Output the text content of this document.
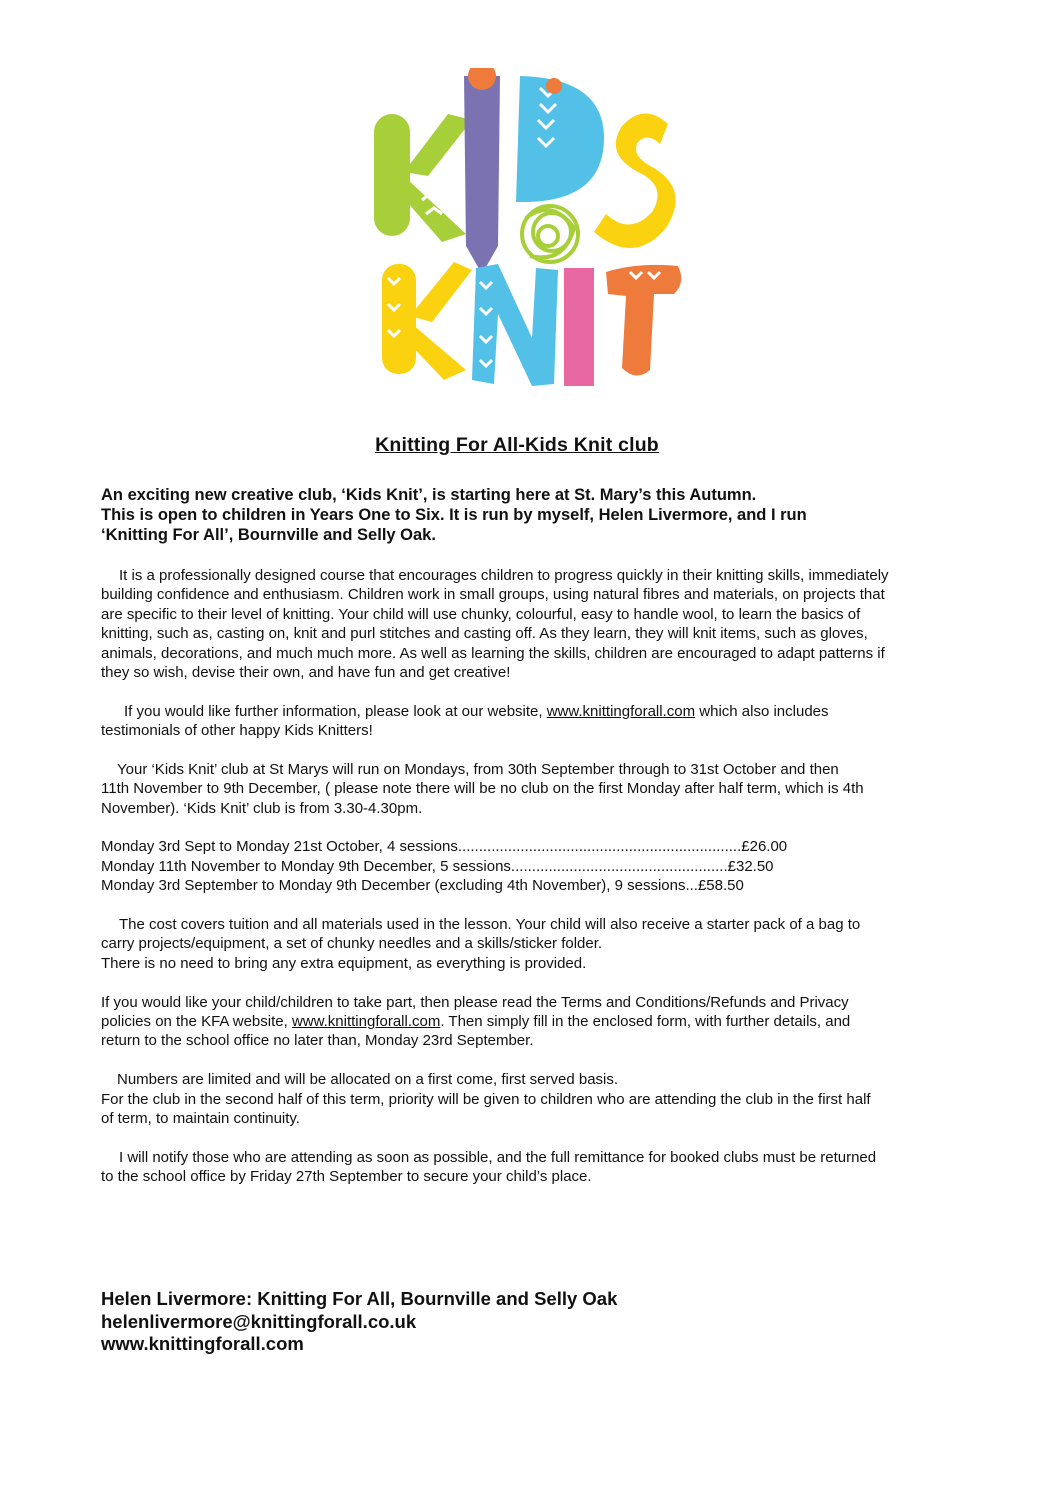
Knitting For All-Kids Knit club
An exciting new creative club, ‘Kids Knit’, is starting here at St. Mary’s this Autumn.
This is open to children in Years One to Six. It is run by myself, Helen Livermore, and I run
‘Knitting For All’, Bournville and Selly Oak.
It is a professionally designed course that encourages children to progress quickly in their knitting skills, immediately
building confidence and enthusiasm. Children work in small groups, using natural fibres and materials, on projects that
are specific to their level of knitting. Your child will use chunky, colourful, easy to handle wool, to learn the basics of
knitting, such as, casting on, knit and purl stitches and casting off. As they learn, they will knit items, such as gloves,
animals, decorations, and much much more. As well as learning the skills, children are encouraged to adapt patterns if
they so wish, devise their own, and have fun and get creative!
If you would like further information, please look at our website, www.knittingforall.com which also includes
testimonials of other happy Kids Knitters!
Your ‘Kids Knit’ club at St Marys will run on Mondays, from 30th September through to 31st October and then
11th November to 9th December, ( please note there will be no club on the first Monday after half term, which is 4th
November). ‘Kids Knit’ club is from 3.30-4.30pm.
Monday 3rd Sept to Monday 21st October, 4 sessions....................................................................£26.00
Monday 11th November to Monday 9th December, 5 sessions....................................................£32.50
Monday 3rd September to Monday 9th December (excluding 4th November), 9 sessions...£58.50
The cost covers tuition and all materials used in the lesson. Your child will also receive a starter pack of a bag to
carry projects/equipment, a set of chunky needles and a skills/sticker folder.
There is no need to bring any extra equipment, as everything is provided.
If you would like your child/children to take part, then please read the Terms and Conditions/Refunds and Privacy
policies on the KFA website, www.knittingforall.com. Then simply fill in the enclosed form, with further details, and
return to the school office no later than, Monday 23rd September.
Numbers are limited and will be allocated on a first come, first served basis.
For the club in the second half of this term, priority will be given to children who are attending the club in the first half
of term, to maintain continuity.
I will notify those who are attending as soon as possible, and the full remittance for booked clubs must be returned
to the school office by Friday 27th September to secure your child’s place.
Helen Livermore: Knitting For All, Bournville and Selly Oak
helenlivermore@knittingforall.co.uk
www.knittingforall.com
